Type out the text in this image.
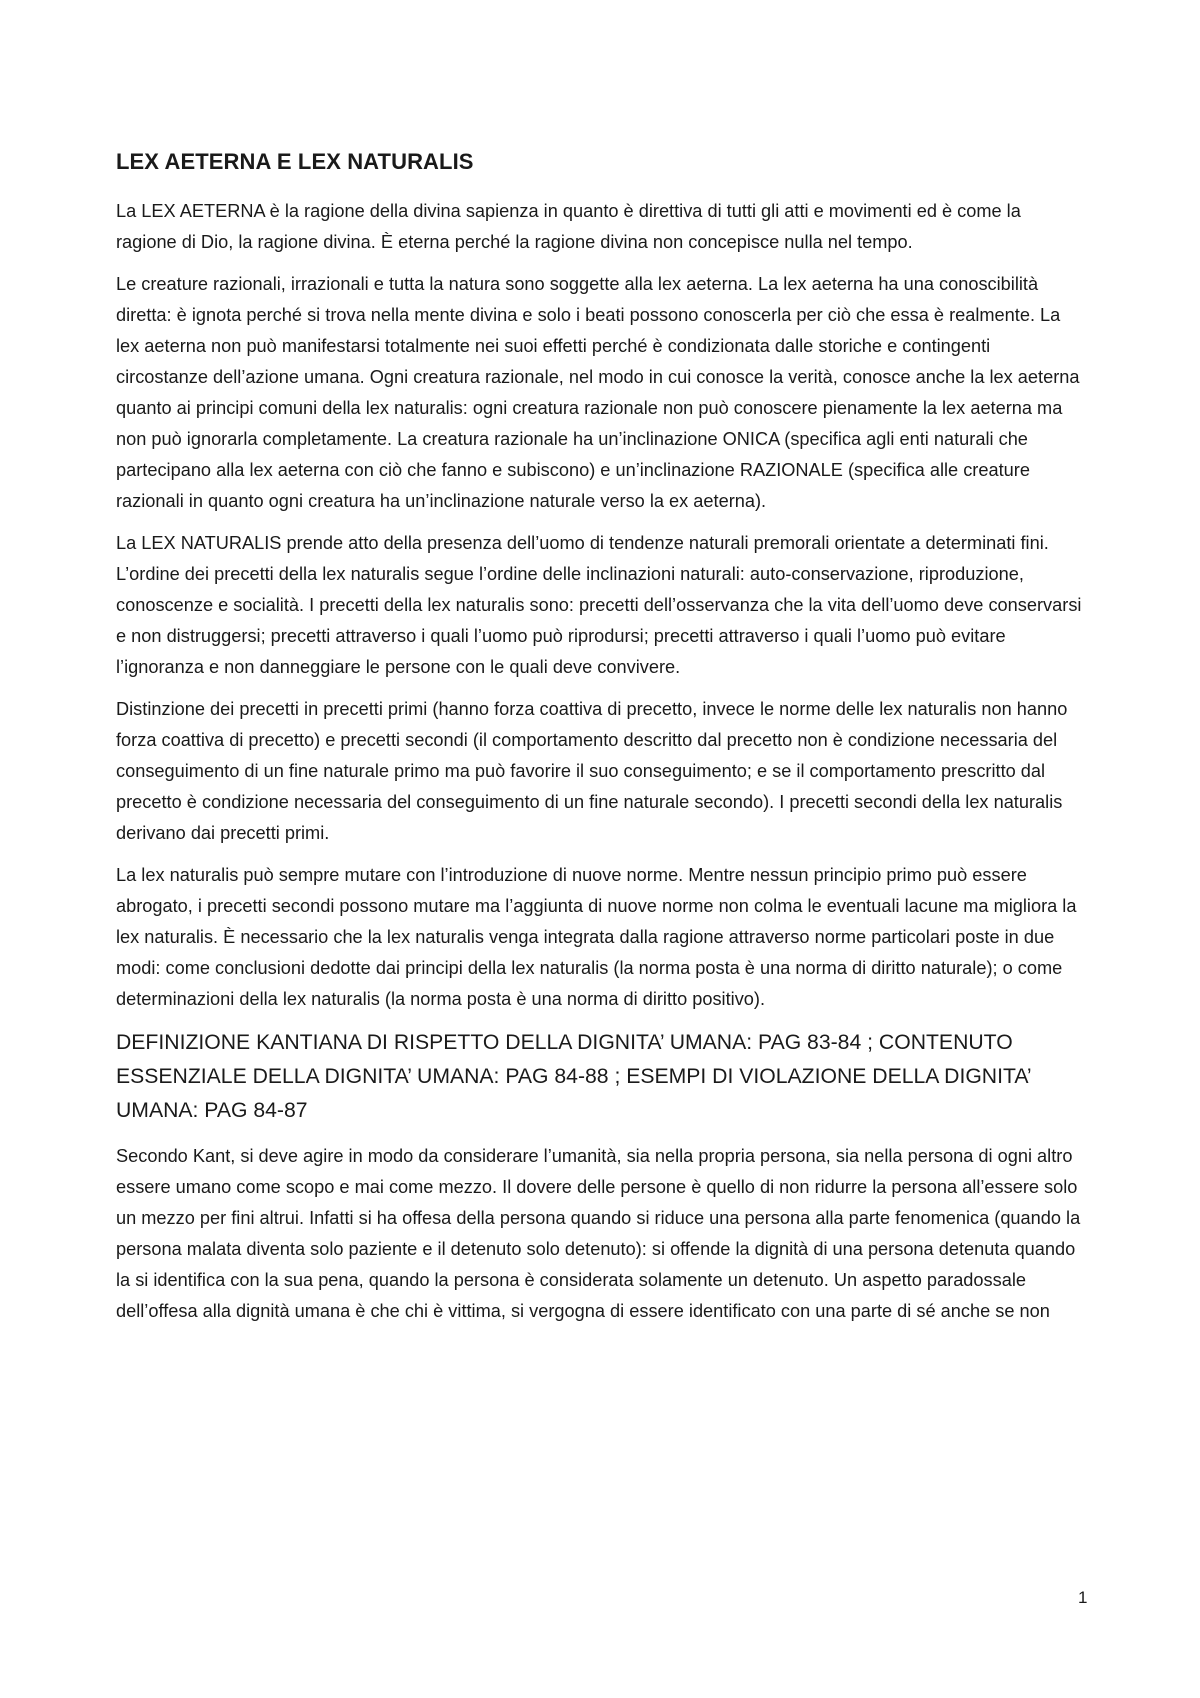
LEX AETERNA E LEX NATURALIS

La LEX AETERNA è la ragione della divina sapienza in quanto è direttiva di tutti gli atti e movimenti ed è come la ragione di Dio, la ragione divina. È eterna perché la ragione divina non concepisce nulla nel tempo.

Le creature razionali, irrazionali e tutta la natura sono soggette alla lex aeterna. La lex aeterna ha una conoscibilità diretta: è ignota perché si trova nella mente divina e solo i beati possono conoscerla per ciò che essa è realmente. La lex aeterna non può manifestarsi totalmente nei suoi effetti perché è condizionata dalle storiche e contingenti circostanze dell’azione umana. Ogni creatura razionale, nel modo in cui conosce la verità, conosce anche la lex aeterna quanto ai principi comuni della lex naturalis: ogni creatura razionale non può conoscere pienamente la lex aeterna ma non può ignorarla completamente. La creatura razionale ha un’inclinazione ONICA (specifica agli enti naturali che partecipano alla lex aeterna con ciò che fanno e subiscono) e un’inclinazione RAZIONALE (specifica alle creature razionali in quanto ogni creatura ha un’inclinazione naturale verso la ex aeterna).

La LEX NATURALIS prende atto della presenza dell’uomo di tendenze naturali premorali orientate a determinati fini. L’ordine dei precetti della lex naturalis segue l’ordine delle inclinazioni naturali: auto-conservazione, riproduzione, conoscenze e socialità. I precetti della lex naturalis sono: precetti dell’osservanza che la vita dell’uomo deve conservarsi e non distruggersi; precetti attraverso i quali l’uomo può riprodursi; precetti attraverso i quali l’uomo può evitare l’ignoranza e non danneggiare le persone con le quali deve convivere.

Distinzione dei precetti in precetti primi (hanno forza coattiva di precetto, invece le norme delle lex naturalis non hanno forza coattiva di precetto) e precetti secondi (il comportamento descritto dal precetto non è condizione necessaria del conseguimento di un fine naturale primo ma può favorire il suo conseguimento; e se il comportamento prescritto dal precetto è condizione necessaria del conseguimento di un fine naturale secondo). I precetti secondi della lex naturalis derivano dai precetti primi.

La lex naturalis può sempre mutare con l’introduzione di nuove norme. Mentre nessun principio primo può essere abrogato, i precetti secondi possono mutare ma l’aggiunta di nuove norme non colma le eventuali lacune ma migliora la lex naturalis. È necessario che la lex naturalis venga integrata dalla ragione attraverso norme particolari poste in due modi: come conclusioni dedotte dai principi della lex naturalis (la norma posta è una norma di diritto naturale); o come determinazioni della lex naturalis (la norma posta è una norma di diritto positivo).

DEFINIZIONE KANTIANA DI RISPETTO DELLA DIGNITA’ UMANA: PAG 83-84 ; CONTENUTO ESSENZIALE DELLA DIGNITA’ UMANA: PAG 84-88 ; ESEMPI DI VIOLAZIONE DELLA DIGNITA’ UMANA: PAG 84-87

Secondo Kant, si deve agire in modo da considerare l’umanità, sia nella propria persona, sia nella persona di ogni altro essere umano come scopo e mai come mezzo. Il dovere delle persone è quello di non ridurre la persona all’essere solo un mezzo per fini altrui. Infatti si ha offesa della persona quando si riduce una persona alla parte fenomenica (quando la persona malata diventa solo paziente e il detenuto solo detenuto): si offende la dignità di una persona detenuta quando la si identifica con la sua pena, quando la persona è considerata solamente un detenuto. Un aspetto paradossale dell’offesa alla dignità umana è che chi è vittima, si vergogna di essere identificato con una parte di sé anche se non

1
